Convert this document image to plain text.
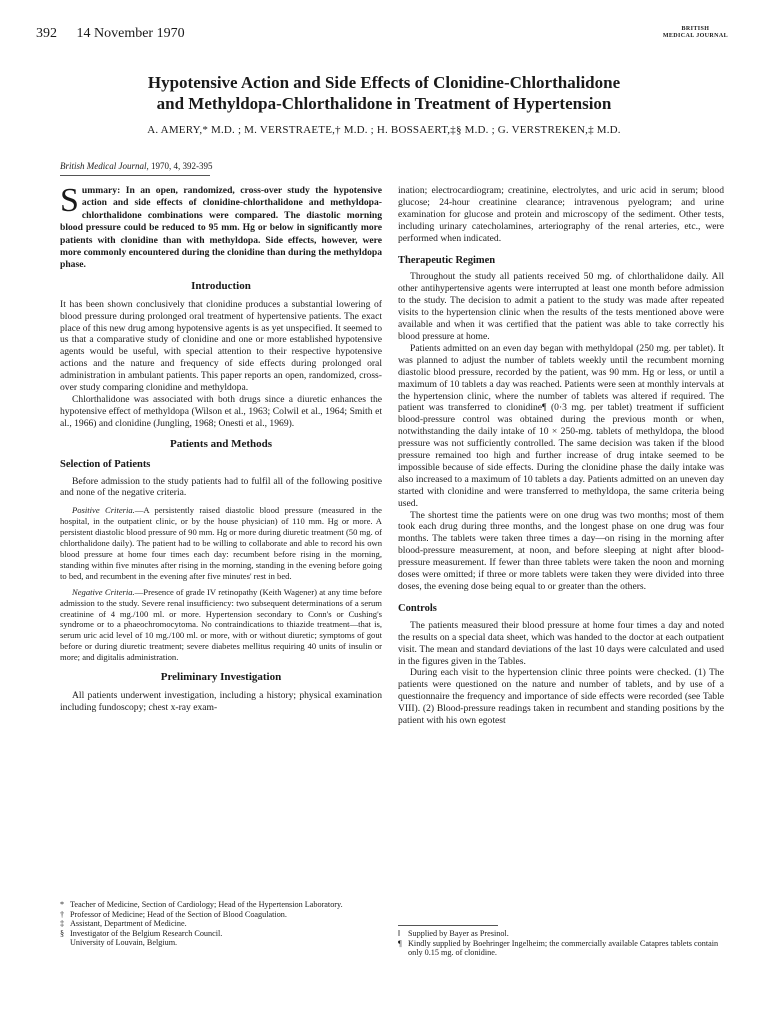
392 14 November 1970	BRITISH
MEDICAL JOURNAL
Hypotensive Action and Side Effects of Clonidine-Chlorthalidone
and Methyldopa-Chlorthalidone in Treatment of Hypertension
A. AMERY,* M.D. ; M. VERSTRAETE,† M.D. ; H. BOSSAERT,‡§ M.D. ; G. VERSTREKEN,‡ M.D.
British Medical Journal, 1970, 4, 392-395

Summary: In an open, randomized, cross-over study the hypotensive action and side effects of clonidine-chlorthalidone and methyldopa-chlorthalidone combinations were compared. The diastolic morning blood pressure could be reduced to 95 mm. Hg or below in significantly more patients with clonidine than with methyldopa. Side effects, however, were more commonly encountered during the clonidine than during the methyldopa phase.

Introduction

It has been shown conclusively that clonidine produces a substantial lowering of blood pressure during prolonged oral treatment of hypertensive patients. The exact place of this new drug among hypotensive agents is as yet unspecified. It seemed to us that a comparative study of clonidine and one or more established hypotensive agents would be useful, with special attention to their respective hypotensive actions and the nature and frequency of side effects during prolonged oral administration in ambulant patients. This paper reports an open, randomized, cross-over study comparing clonidine and methyldopa.

Chlorthalidone was associated with both drugs since a diuretic enhances the hypotensive effect of methyldopa (Wilson et al., 1963; Colwil et al., 1964; Smith et al., 1966) and clonidine (Jungling, 1968; Onesti et al., 1969).

Patients and Methods
Selection of Patients

Before admission to the study patients had to fulfil all of the following positive and none of the negative criteria.

Positive Criteria.—A persistently raised diastolic blood pressure (measured in the hospital, in the outpatient clinic, or by the house physician) of 110 mm. Hg or more. A persistent diastolic blood pressure of 90 mm. Hg or more during diuretic treatment (50 mg. of chlorthalidone daily). The patient had to be willing to collaborate and able to record his own blood pressure at home four times each day: recumbent before rising in the morning, standing within five minutes after rising in the morning, standing in the evening before going to bed, and recumbent in the evening after five minutes' rest in bed.

Negative Criteria.—Presence of grade IV retinopathy (Keith Wagener) at any time before admission to the study. Severe renal insufficiency: two subsequent determinations of a serum creatinine of 4 mg./100 ml. or more. Hypertension secondary to Conn's or Cushing's syndrome or to a phaeochromocytoma. No contraindications to thiazide treatment—that is, serum uric acid level of 10 mg./100 ml. or more, with or without diuretic; symptoms of gout before or during diuretic treatment; severe diabetes mellitus requiring 40 units of insulin or more; and digitalis administration.

Preliminary Investigation

All patients underwent investigation, including a history; physical examination including fundoscopy; chest x-ray exam-

* Teacher of Medicine, Section of Cardiology; Head of the Hypertension Laboratory.
† Professor of Medicine; Head of the Section of Blood Coagulation.
‡ Assistant, Department of Medicine.
§ Investigator of the Belgium Research Council.
University of Louvain, Belgium.

ination; electrocardiogram; creatinine, electrolytes, and uric acid in serum; blood glucose; 24-hour creatinine clearance; intravenous pyelogram; and urine examination for glucose and protein and microscopy of the sediment. Other tests, including urinary catecholamines, arteriography of the renal arteries, etc., were performed when indicated.

Therapeutic Regimen

Throughout the study all patients received 50 mg. of chlorthalidone daily. All other antihypertensive agents were interrupted at least one month before admission to the study. The decision to admit a patient to the study was made after repeated visits to the hypertension clinic when the results of the tests mentioned above were available and when it was certified that the patient was able to take correctly his blood pressure at home.

Patients admitted on an even day began with methyldopa‖ (250 mg. per tablet). It was planned to adjust the number of tablets weekly until the recumbent morning diastolic blood pressure, recorded by the patient, was 90 mm. Hg or less, or until a maximum of 10 tablets a day was reached. Patients were seen at monthly intervals at the hypertension clinic, where the number of tablets was altered if required. The patient was transferred to clonidine¶ (0·3 mg. per tablet) treatment if sufficient blood-pressure control was obtained during the previous month or when, notwithstanding the daily intake of 10 × 250-mg. tablets of methyldopa, the blood pressure was not sufficiently controlled. The same decision was taken if the blood pressure remained too high and further increase of drug intake seemed to be impossible because of side effects. During the clonidine phase the daily intake was also increased to a maximum of 10 tablets a day. Patients admitted on an uneven day started with clonidine and were transferred to methyldopa, the same criteria being used.

The shortest time the patients were on one drug was two months; most of them took each drug during three months, and the longest phase on one drug was four months. The tablets were taken three times a day—on rising in the morning after blood-pressure measurement, at noon, and before sleeping at night after blood-pressure measurement. If fewer than three tablets were taken the noon and morning doses were omitted; if three or more tablets were taken they were divided into three doses, the evening dose being equal to or greater than the others.

Controls

The patients measured their blood pressure at home four times a day and noted the results on a special data sheet, which was handed to the doctor at each outpatient visit. The mean and standard deviations of the last 10 days were calculated and used in the figures given in the Tables.

During each visit to the hypertension clinic three points were checked. (1) The patients were questioned on the nature and number of tablets, and by use of a questionnaire the frequency and importance of side effects were recorded (see Table VIII). (2) Blood-pressure readings taken in recumbent and standing positions by the patient with his own egotest

‖ Supplied by Bayer as Presinol.
¶ Kindly supplied by Boehringer Ingelheim; the commercially available Catapres tablets contain only 0.15 mg. of clonidine.
